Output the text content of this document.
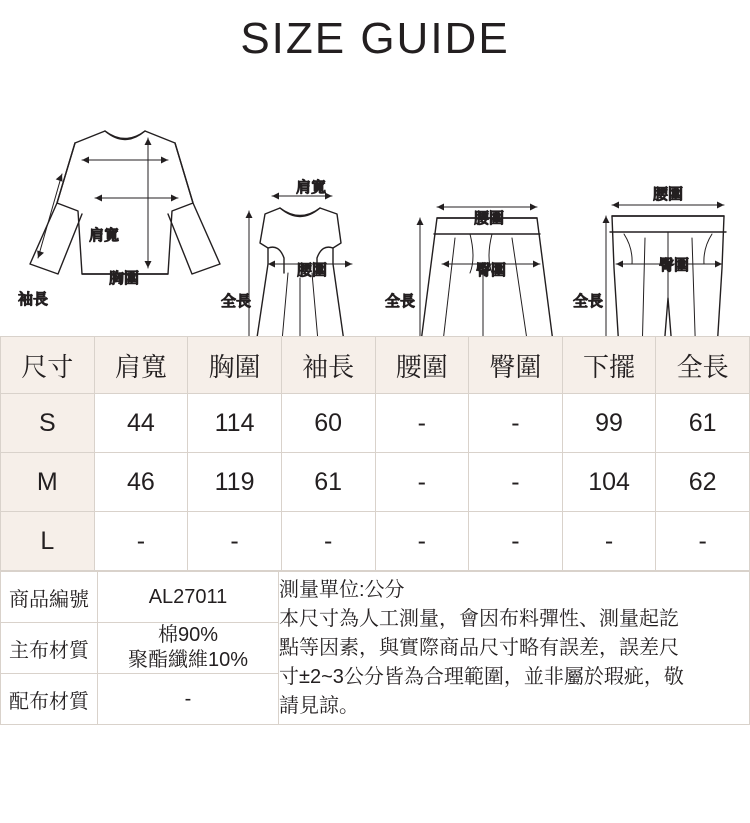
SIZE GUIDE
肩寬
袖長
胸圍
肩寬
腰圍
全長
腰圍
臀圍
全長
腰圍
臀圍
全長
尺寸	肩寬	胸圍	袖長	腰圍	臀圍	下擺	全長
S	44	114	60	-	-	99	61
M	46	119	61	-	-	104	62
L	-	-	-	-	-	-	-
商品編號	AL27011	測量單位:公分
本尺寸為人工測量，會因布料彈性、測量起訖
點等因素，與實際商品尺寸略有誤差，誤差尺
寸±2~3公分皆為合理範圍，並非屬於瑕疵，敬
請見諒。

主布材質	棉90%
聚酯纖維10%	

配布材質	-	
